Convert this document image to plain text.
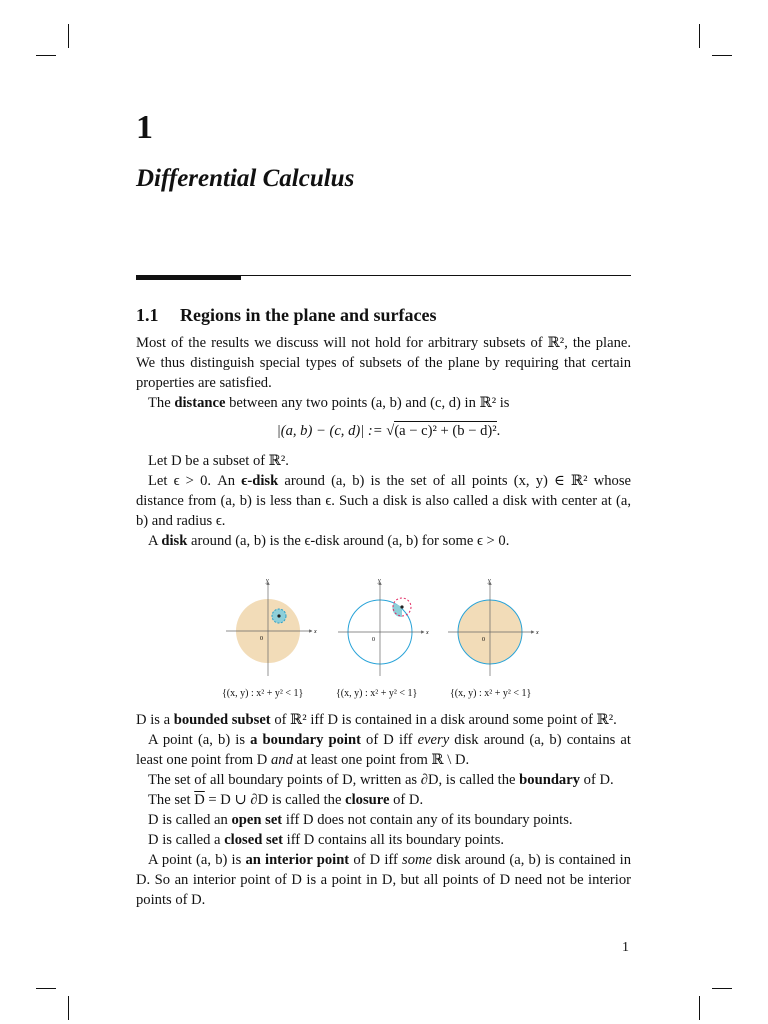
1
Differential Calculus
1.1 Regions in the plane and surfaces

Most of the results we discuss will not hold for arbitrary subsets of ℝ², the plane. We thus distinguish special types of subsets of the plane by requiring that certain properties are satisfied.

The distance between any two points (a, b) and (c, d) in ℝ² is

|(a, b) − (c, d)| := √(a − c)² + (b − d)².

Let D be a subset of ℝ².

Let ϵ > 0. An ϵ-disk around (a, b) is the set of all points (x, y) ∈ ℝ² whose distance from (a, b) is less than ϵ. Such a disk is also called a disk with center at (a, b) and radius ϵ.

A disk around (a, b) is the ϵ-disk around (a, b) for some ϵ > 0.

0
x
y
0
x
y
0
x
y
{(x, y) : x² + y² < 1}	{(x, y) : x² + y² < 1}	{(x, y) : x² + y² < 1}

D is a bounded subset of ℝ² iff D is contained in a disk around some point of ℝ².

A point (a, b) is a boundary point of D iff every disk around (a, b) contains at least one point from D and at least one point from ℝ \ D.

The set of all boundary points of D, written as ∂D, is called the boundary of D.

The set $\overline{D} = D$ ∪ ∂D is called the closure of D.

D is called an open set iff D does not contain any of its boundary points.

D is called a closed set iff D contains all its boundary points.

A point (a, b) is an interior point of D iff some disk around (a, b) is contained in D. So an interior point of D is a point in D, but all points of D need not be interior points of D.

1
